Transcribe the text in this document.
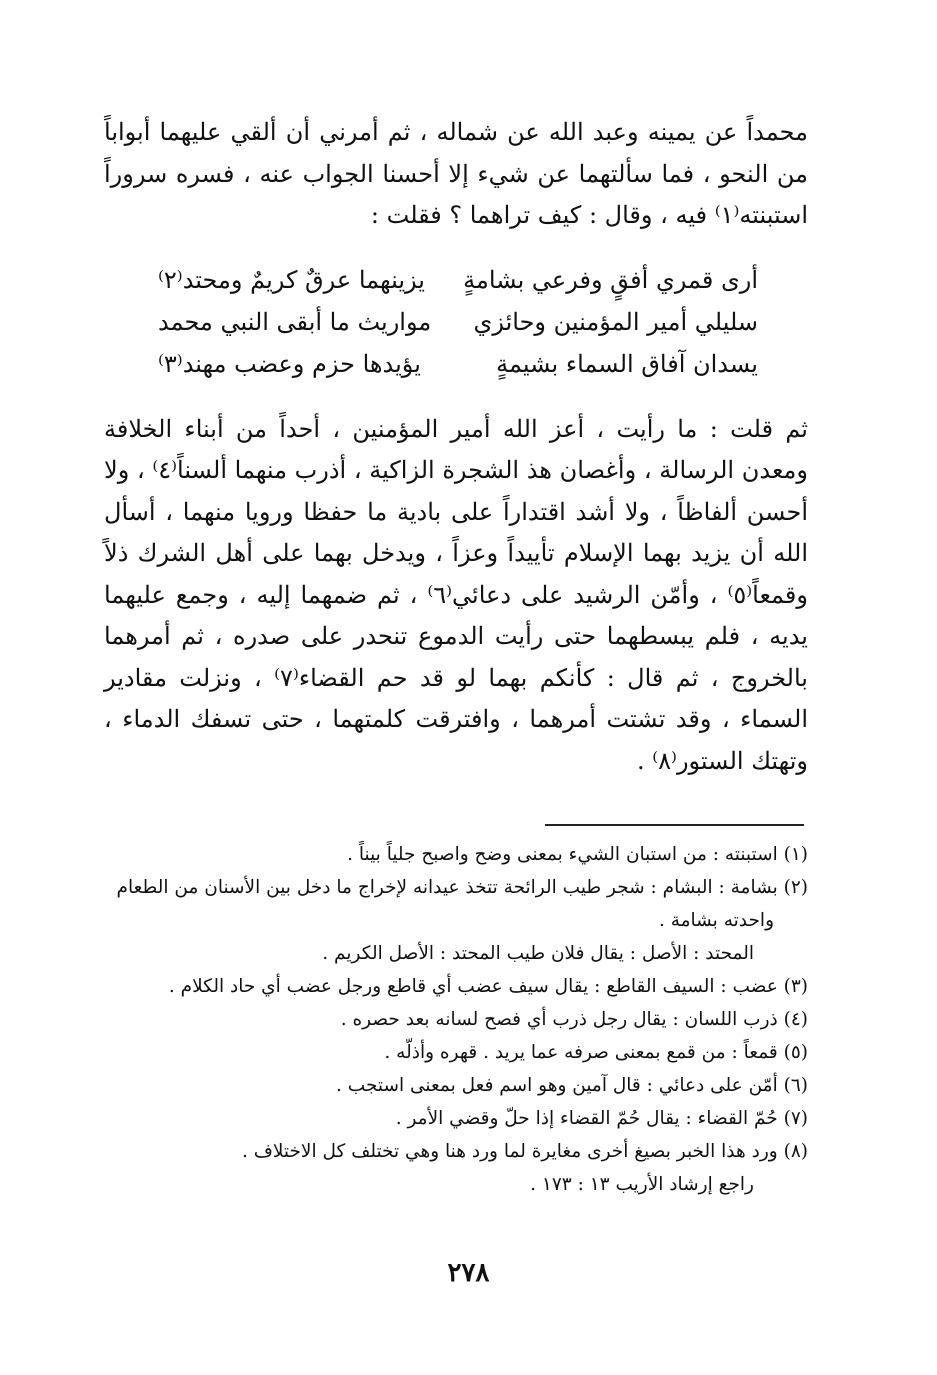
محمداً عن يمينه وعبد الله عن شماله ، ثم أمرني أن ألقي عليهما أبواباً من النحو ، فما سألتهما عن شيء إلا أحسنا الجواب عنه ، فسره سروراً استبنته⁽١⁾ فيه ، وقال : كيف تراهما ؟ فقلت :

أرى قمري أفقٍ وفرعي بشامةٍ
يزينهما عرقٌ كريمٌ ومحتد⁽٢⁾
سليلي أمير المؤمنين وحائزي
مواريث ما أبقى النبي محمد
يسدان آفاق السماء بشيمةٍ
يؤيدها حزم وعضب مهند⁽٣⁾

ثم قلت : ما رأيت ، أعز الله أمير المؤمنين ، أحداً من أبناء الخلافة ومعدن الرسالة ، وأغصان هذ الشجرة الزاكية ، أذرب منهما ألسناً⁽٤⁾ ، ولا أحسن ألفاظاً ، ولا أشد اقتداراً على بادية ما حفظا ورويا منهما ، أسأل الله أن يزيد بهما الإسلام تأييداً وعزاً ، ويدخل بهما على أهل الشرك ذلاً وقمعاً⁽٥⁾ ، وأمّن الرشيد على دعائي⁽٦⁾ ، ثم ضمهما إليه ، وجمع عليهما يديه ، فلم يبسطهما حتى رأيت الدموع تنحدر على صدره ، ثم أمرهما بالخروج ، ثم قال : كأنكم بهما لو قد حم القضاء⁽٧⁾ ، ونزلت مقادير السماء ، وقد تشتت أمرهما ، وافترقت كلمتهما ، حتى تسفك الدماء ، وتهتك الستور⁽٨⁾ .

(١) استبنته : من استبان الشيء بمعنى وضح واصبح جلياً بيناً .

(٢) بشامة : البشام : شجر طيب الرائحة تتخذ عيدانه لإخراج ما دخل بين الأسنان من الطعام واحدته بشامة .

المحتد : الأصل : يقال فلان طيب المحتد : الأصل الكريم .

(٣) عضب : السيف القاطع : يقال سيف عضب أي قاطع ورجل عضب أي حاد الكلام .

(٤) ذرب اللسان : يقال رجل ذرب أي فصح لسانه بعد حصره .

(٥) قمعاً : من قمع بمعنى صرفه عما يريد . قهره وأذلّه .

(٦) أمّن على دعائي : قال آمين وهو اسم فعل بمعنى استجب .

(٧) حُمّ القضاء : يقال حُمّ القضاء إذا حلّ وقضي الأمر .

(٨) ورد هذا الخبر بصيغ أخرى مغايرة لما ورد هنا وهي تختلف كل الاختلاف .

راجع إرشاد الأريب ١٣ : ١٧٣ .

٢٧٨
